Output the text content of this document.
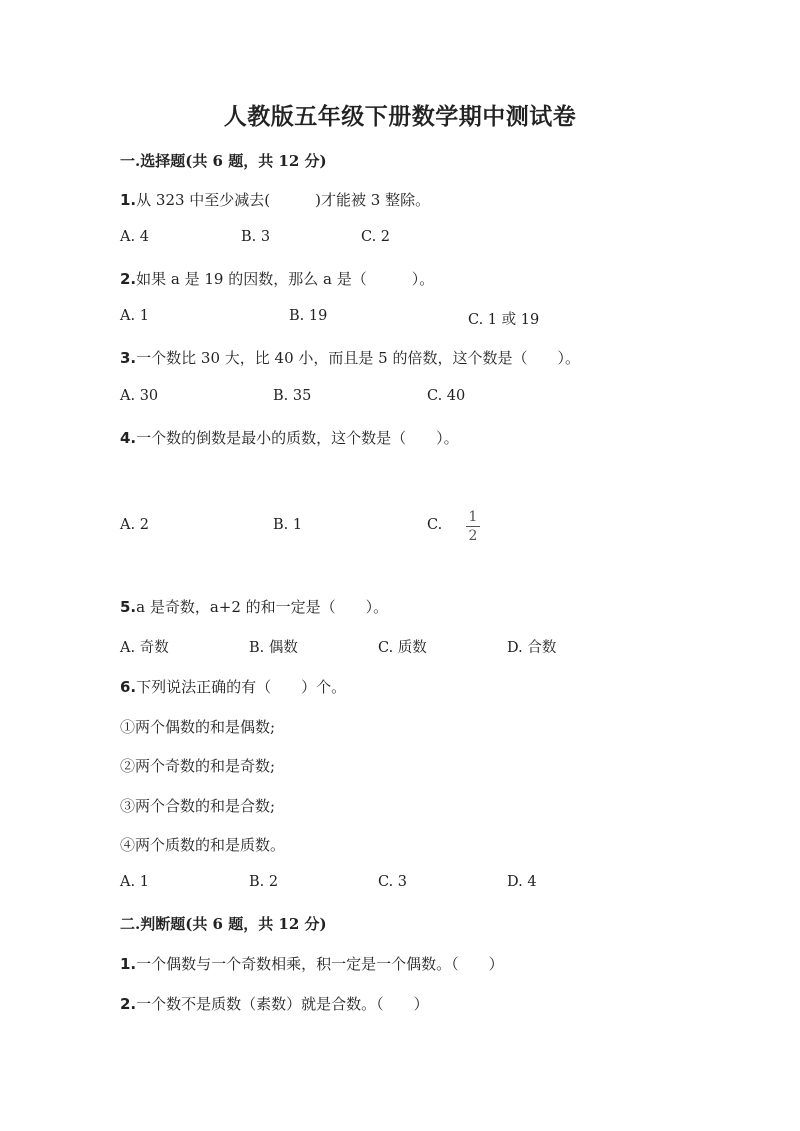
人教版五年级下册数学期中测试卷
一.选择题(共 6 题，共 12 分)
1.从 323 中至少减去(　　　)才能被 3 整除。
A. 4	B. 3	C. 2
2.如果 a 是 19 的因数，那么 a 是（　　　）。
A. 1	B. 19	C. 1 或 19
3.一个数比 30 大，比 40 小，而且是 5 的倍数，这个数是（　　）。
A. 30	B. 35	C. 40
4.一个数的倒数是最小的质数，这个数是（　　）。
A. 2	B. 1	C. 1
2
5.a 是奇数，a+2 的和一定是（　　）。
A. 奇数	B. 偶数	C. 质数	D. 合数
6.下列说法正确的有（　　）个。
①两个偶数的和是偶数;
②两个奇数的和是奇数;
③两个合数的和是合数;
④两个质数的和是质数。
A. 1	B. 2	C. 3	D. 4
二.判断题(共 6 题，共 12 分)
1.一个偶数与一个奇数相乘，积一定是一个偶数。（　　）
2.一个数不是质数（素数）就是合数。（　　）
